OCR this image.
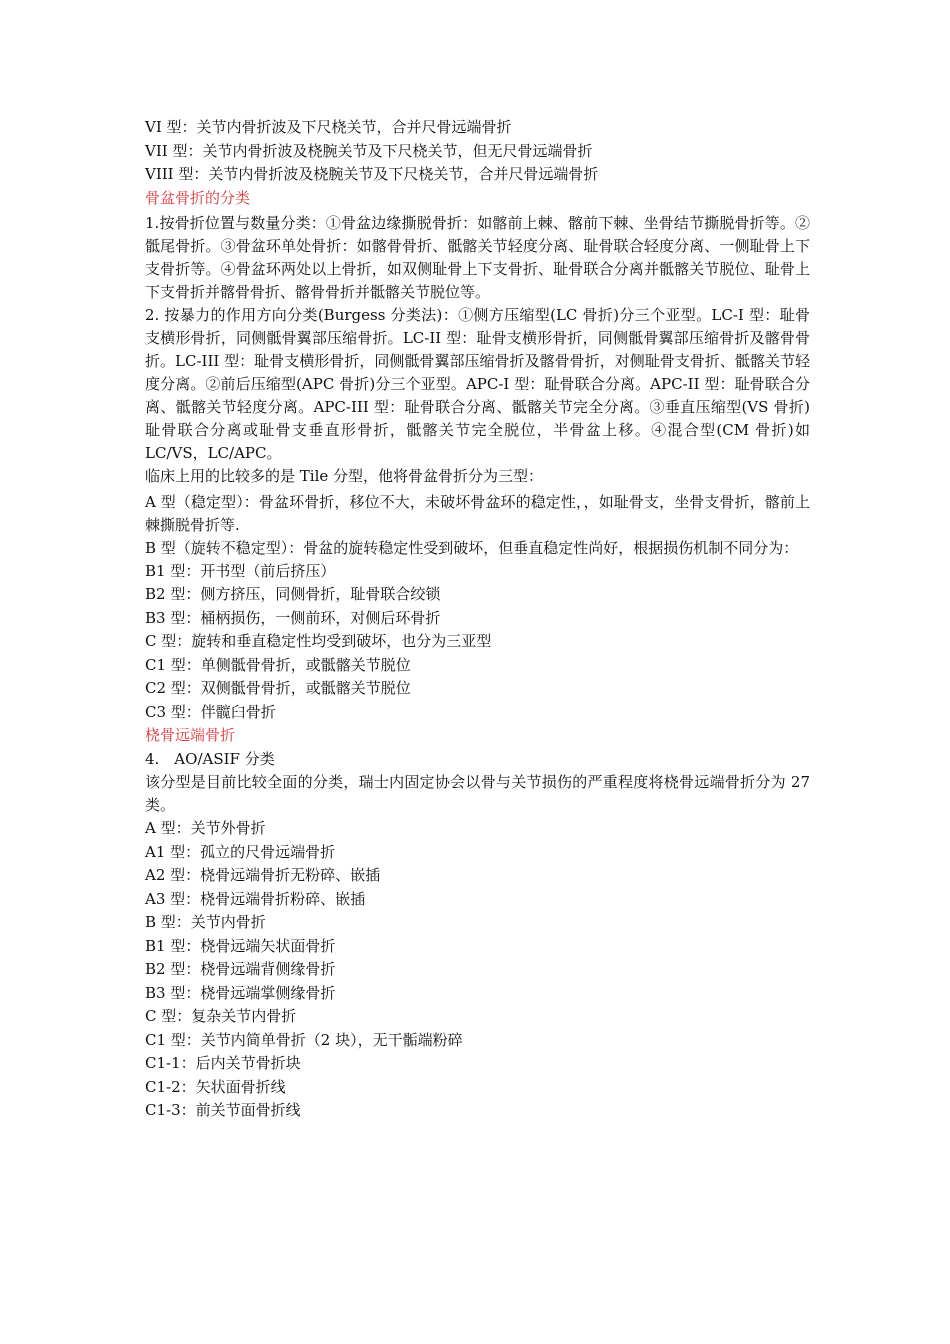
VI 型：关节内骨折波及下尺桡关节，合并尺骨远端骨折

VII 型：关节内骨折波及桡腕关节及下尺桡关节，但无尺骨远端骨折

VIII 型：关节内骨折波及桡腕关节及下尺桡关节，合并尺骨远端骨折

骨盆骨折的分类

1.按骨折位置与数量分类：①骨盆边缘撕脱骨折：如髂前上棘、髂前下棘、坐骨结节撕脱骨折等。②骶尾骨折。③骨盆环单处骨折：如髂骨骨折、骶髂关节轻度分离、耻骨联合轻度分离、一侧耻骨上下支骨折等。④骨盆环两处以上骨折，如双侧耻骨上下支骨折、耻骨联合分离并骶髂关节脱位、耻骨上下支骨折并髂骨骨折、髂骨骨折并骶髂关节脱位等。

2. 按暴力的作用方向分类(Burgess 分类法)：①侧方压缩型(LC 骨折)分三个亚型。LC-I 型：耻骨支横形骨折，同侧骶骨翼部压缩骨折。LC-II 型：耻骨支横形骨折，同侧骶骨翼部压缩骨折及髂骨骨折。LC-III 型：耻骨支横形骨折，同侧骶骨翼部压缩骨折及髂骨骨折，对侧耻骨支骨折、骶髂关节轻度分离。②前后压缩型(APC 骨折)分三个亚型。APC-I 型：耻骨联合分离。APC-II 型：耻骨联合分离、骶髂关节轻度分离。APC-III 型：耻骨联合分离、骶髂关节完全分离。③垂直压缩型(VS 骨折)耻骨联合分离或耻骨支垂直形骨折，骶髂关节完全脱位，半骨盆上移。④混合型(CM 骨折)如 LC/VS，LC/APC。

临床上用的比较多的是 Tile 分型，他将骨盆骨折分为三型：

A 型（稳定型）：骨盆环骨折，移位不大，未破坏骨盆环的稳定性，，如耻骨支，坐骨支骨折，髂前上棘撕脱骨折等.

B 型（旋转不稳定型）：骨盆的旋转稳定性受到破坏，但垂直稳定性尚好，根据损伤机制不同分为：

B1 型：开书型（前后挤压）

B2 型：侧方挤压，同侧骨折，耻骨联合绞锁

B3 型：桶柄损伤，一侧前环，对侧后环骨折

C 型：旋转和垂直稳定性均受到破坏，也分为三亚型

C1 型：单侧骶骨骨折，或骶髂关节脱位

C2 型：双侧骶骨骨折，或骶髂关节脱位

C3 型：伴髋臼骨折

桡骨远端骨折

4.　AO/ASIF 分类

该分型是目前比较全面的分类，瑞士内固定协会以骨与关节损伤的严重程度将桡骨远端骨折分为 27 类。

A 型：关节外骨折

A1 型：孤立的尺骨远端骨折

A2 型：桡骨远端骨折无粉碎、嵌插

A3 型：桡骨远端骨折粉碎、嵌插

B 型：关节内骨折

B1 型：桡骨远端矢状面骨折

B2 型：桡骨远端背侧缘骨折

B3 型：桡骨远端掌侧缘骨折

C 型：复杂关节内骨折

C1 型：关节内简单骨折（2 块），无干骺端粉碎

C1-1：后内关节骨折块

C1-2：矢状面骨折线

C1-3：前关节面骨折线
